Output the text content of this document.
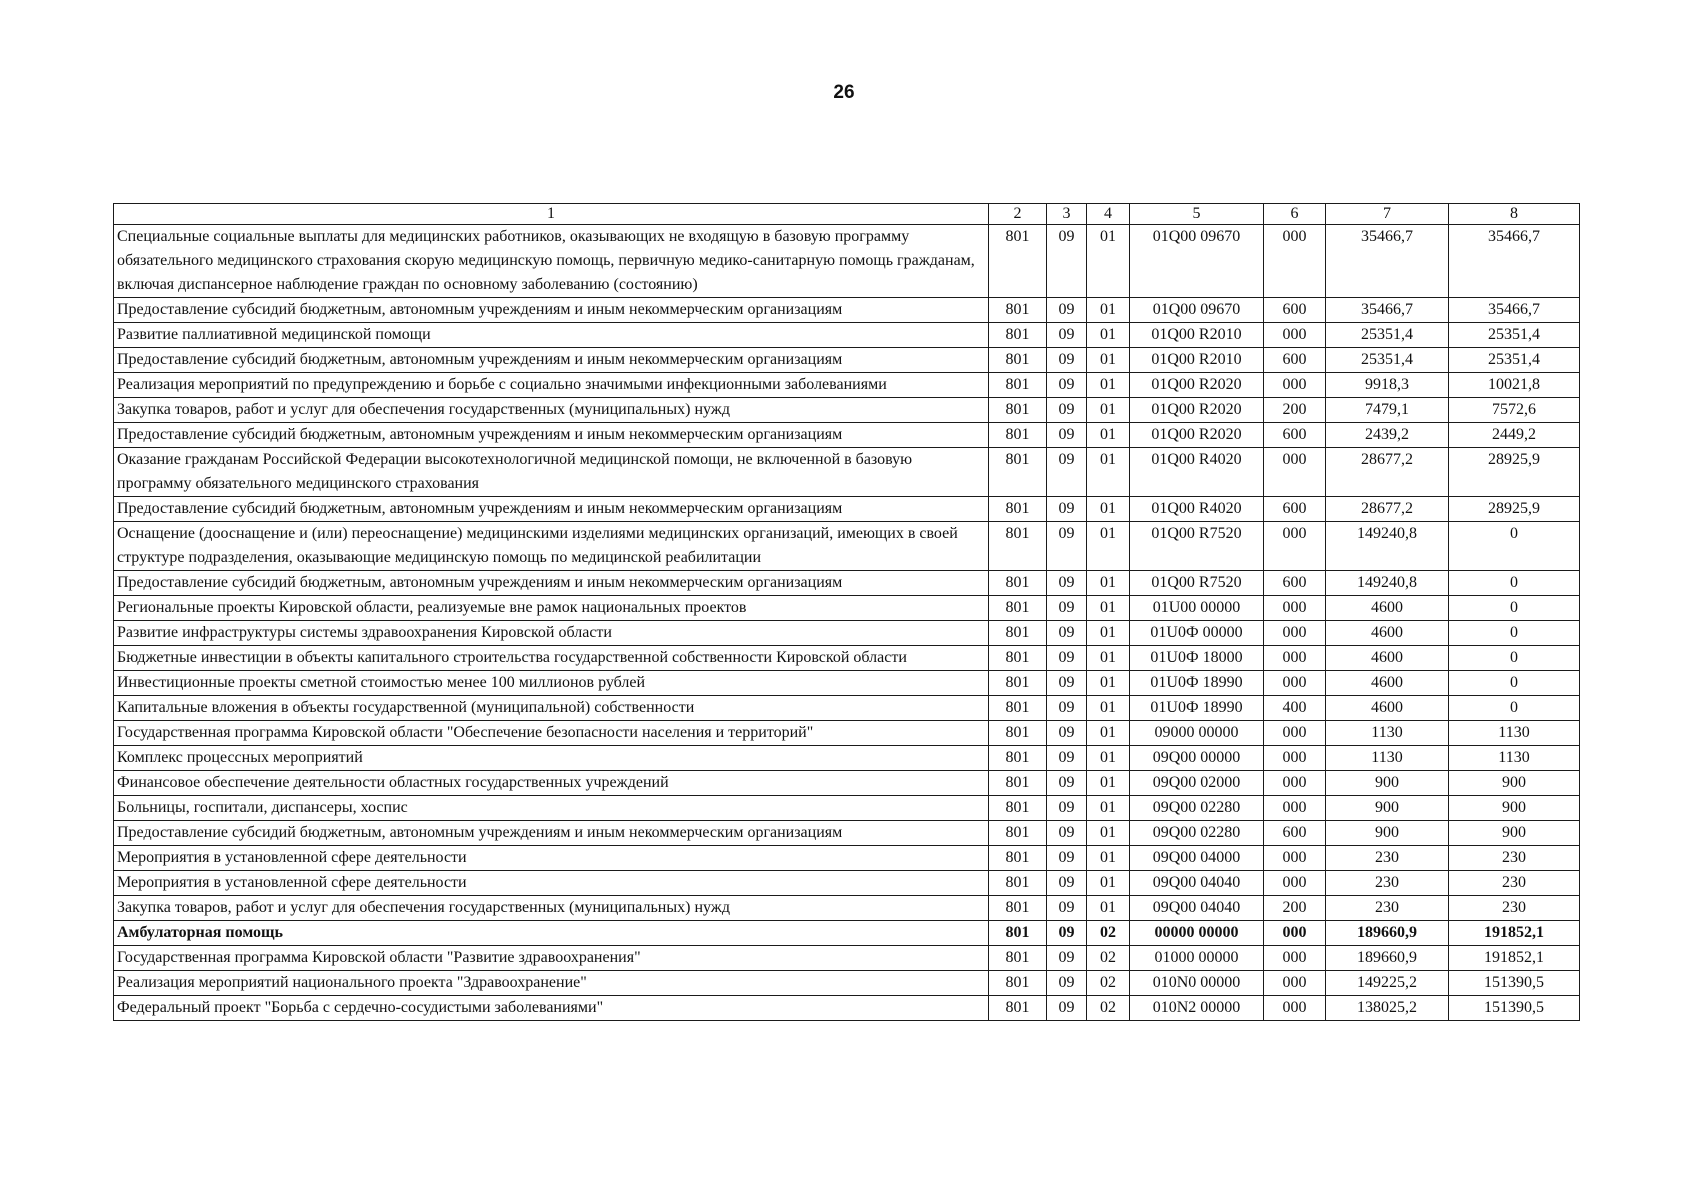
26
1	2	3	4	5	6	7	8
Специальные социальные выплаты для медицинских работников, оказывающих не входящую в базовую программу обязательного медицинского страхования скорую медицинскую помощь, первичную медико-санитарную помощь гражданам, включая диспансерное наблюдение граждан по основному заболеванию (состоянию)	801	09	01	01Q00 09670	000	35466,7	35466,7
Предоставление субсидий бюджетным, автономным учреждениям и иным некоммерческим организациям	801	09	01	01Q00 09670	600	35466,7	35466,7
Развитие паллиативной медицинской помощи	801	09	01	01Q00 R2010	000	25351,4	25351,4
Предоставление субсидий бюджетным, автономным учреждениям и иным некоммерческим организациям	801	09	01	01Q00 R2010	600	25351,4	25351,4
Реализация мероприятий по предупреждению и борьбе с социально значимыми инфекционными заболеваниями	801	09	01	01Q00 R2020	000	9918,3	10021,8
Закупка товаров, работ и услуг для обеспечения государственных (муниципальных) нужд	801	09	01	01Q00 R2020	200	7479,1	7572,6
Предоставление субсидий бюджетным, автономным учреждениям и иным некоммерческим организациям	801	09	01	01Q00 R2020	600	2439,2	2449,2
Оказание гражданам Российской Федерации высокотехнологичной медицинской помощи, не включенной в базовую программу обязательного медицинского страхования	801	09	01	01Q00 R4020	000	28677,2	28925,9
Предоставление субсидий бюджетным, автономным учреждениям и иным некоммерческим организациям	801	09	01	01Q00 R4020	600	28677,2	28925,9
Оснащение (дооснащение и (или) переоснащение) медицинскими изделиями медицинских организаций, имеющих в своей структуре подразделения, оказывающие медицинскую помощь по медицинской реабилитации	801	09	01	01Q00 R7520	000	149240,8	0
Предоставление субсидий бюджетным, автономным учреждениям и иным некоммерческим организациям	801	09	01	01Q00 R7520	600	149240,8	0
Региональные проекты Кировской области, реализуемые вне рамок национальных проектов	801	09	01	01U00 00000	000	4600	0
Развитие инфраструктуры системы здравоохранения Кировской области	801	09	01	01U0Ф 00000	000	4600	0
Бюджетные инвестиции в объекты капитального строительства государственной собственности Кировской области	801	09	01	01U0Ф 18000	000	4600	0
Инвестиционные проекты сметной стоимостью менее 100 миллионов рублей	801	09	01	01U0Ф 18990	000	4600	0
Капитальные вложения в объекты государственной (муниципальной) собственности	801	09	01	01U0Ф 18990	400	4600	0
Государственная программа Кировской области "Обеспечение безопасности населения и территорий"	801	09	01	09000 00000	000	1130	1130
Комплекс процессных мероприятий	801	09	01	09Q00 00000	000	1130	1130
Финансовое обеспечение деятельности областных государственных учреждений	801	09	01	09Q00 02000	000	900	900
Больницы, госпитали, диспансеры, хоспис	801	09	01	09Q00 02280	000	900	900
Предоставление субсидий бюджетным, автономным учреждениям и иным некоммерческим организациям	801	09	01	09Q00 02280	600	900	900
Мероприятия в установленной сфере деятельности	801	09	01	09Q00 04000	000	230	230
Мероприятия в установленной сфере деятельности	801	09	01	09Q00 04040	000	230	230
Закупка товаров, работ и услуг для обеспечения государственных (муниципальных) нужд	801	09	01	09Q00 04040	200	230	230
Амбулаторная помощь	801	09	02	00000 00000	000	189660,9	191852,1
Государственная программа Кировской области "Развитие здравоохранения"	801	09	02	01000 00000	000	189660,9	191852,1
Реализация мероприятий национального проекта "Здравоохранение"	801	09	02	010N0 00000	000	149225,2	151390,5
Федеральный проект "Борьба с сердечно-сосудистыми заболеваниями"	801	09	02	010N2 00000	000	138025,2	151390,5
